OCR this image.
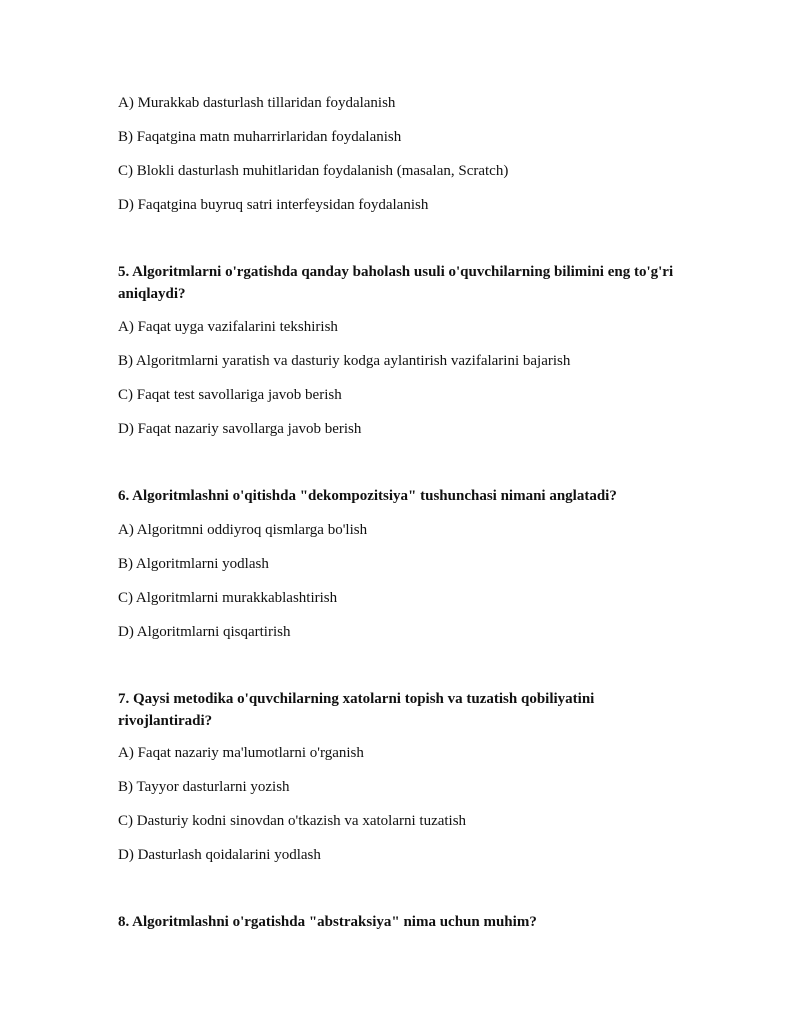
A) Murakkab dasturlash tillaridan foydalanish
B) Faqatgina matn muharrirlaridan foydalanish
C) Blokli dasturlash muhitlaridan foydalanish (masalan, Scratch)
D) Faqatgina buyruq satri interfeysidan foydalanish
5. Algoritmlarni o'rgatishda qanday baholash usuli o'quvchilarning bilimini eng to'g'ri aniqlaydi?
A) Faqat uyga vazifalarini tekshirish
B) Algoritmlarni yaratish va dasturiy kodga aylantirish vazifalarini bajarish
C) Faqat test savollariga javob berish
D) Faqat nazariy savollarga javob berish
6. Algoritmlashni o'qitishda "dekompozitsiya" tushunchasi nimani anglatadi?
A) Algoritmni oddiyroq qismlarga bo'lish
B) Algoritmlarni yodlash
C) Algoritmlarni murakkablashtirish
D) Algoritmlarni qisqartirish
7. Qaysi metodika o'quvchilarning xatolarni topish va tuzatish qobiliyatini rivojlantiradi?
A) Faqat nazariy ma'lumotlarni o'rganish
B) Tayyor dasturlarni yozish
C) Dasturiy kodni sinovdan o'tkazish va xatolarni tuzatish
D) Dasturlash qoidalarini yodlash
8. Algoritmlashni o'rgatishda "abstraksiya" nima uchun muhim?
